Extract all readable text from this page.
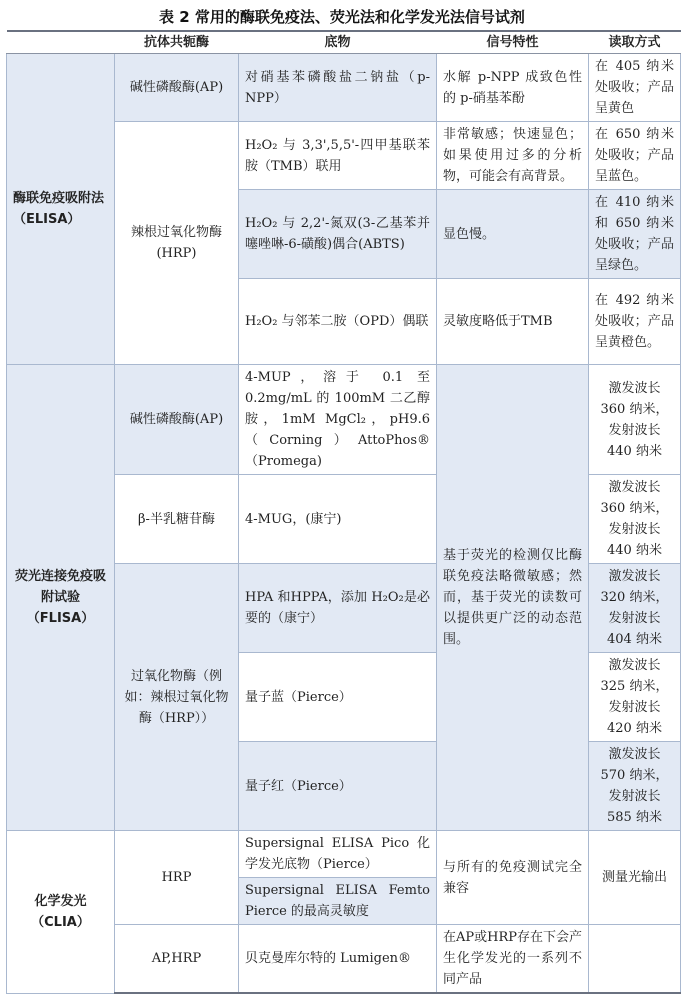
表 2 常用的酶联免疫法、荧光法和化学发光法信号试剂
	抗体共轭酶	底物	信号特性	读取方式
酶联免疫吸附法（ELISA）	碱性磷酸酶(AP)	对硝基苯磷酸盐二钠盐（p-NPP）	水解 p-NPP 成致色性的 p-硝基苯酚	在 405 纳米处吸收；产品呈黄色
	辣根过氧化物酶(HRP)	H₂O₂ 与 3,3',5,5'-四甲基联苯胺（TMB）联用	非常敏感；快速显色；如果使用过多的分析物，可能会有高背景。	在 650 纳米处吸收；产品呈蓝色。
		H₂O₂ 与 2,2'-氮双(3-乙基苯并噻唑啉-6-磺酸)偶合(ABTS)	显色慢。	在 410 纳米和 650 纳米处吸收；产品呈绿色。
		H₂O₂ 与邻苯二胺（OPD）偶联	灵敏度略低于TMB	在 492 纳米处吸收；产品呈黄橙色。
荧光连接免疫吸附试验（FLISA）	碱性磷酸酶(AP)	4-MUP，溶于 0.1 至 0.2mg/mL 的 100mM 二乙醇胺，1mM MgCl₂，pH9.6（Corning）AttoPhos®（Promega)	基于荧光的检测仅比酶联免疫法略微敏感；然而，基于荧光的读数可以提供更广泛的动态范围。	激发波长 360 纳米，发射波长 440 纳米
	β-半乳糖苷酶	4-MUG，(康宁)		激发波长 360 纳米，发射波长 440 纳米
	过氧化物酶（例如：辣根过氧化物酶（HRP））	HPA 和HPPA，添加 H₂O₂是必要的（康宁）		激发波长 320 纳米，发射波长 404 纳米
		量子蓝（Pierce）		激发波长 325 纳米，发射波长 420 纳米
		量子红（Pierce）		激发波长 570 纳米，发射波长 585 纳米
化学发光（CLIA）	HRP	Supersignal ELISA Pico 化学发光底物（Pierce）	与所有的免疫测试完全兼容	测量光输出
		Supersignal ELISA Femto Pierce 的最高灵敏度		
	AP,HRP	贝克曼库尔特的 Lumigen®	在AP或HRP存在下会产生化学发光的一系列不同产品	
